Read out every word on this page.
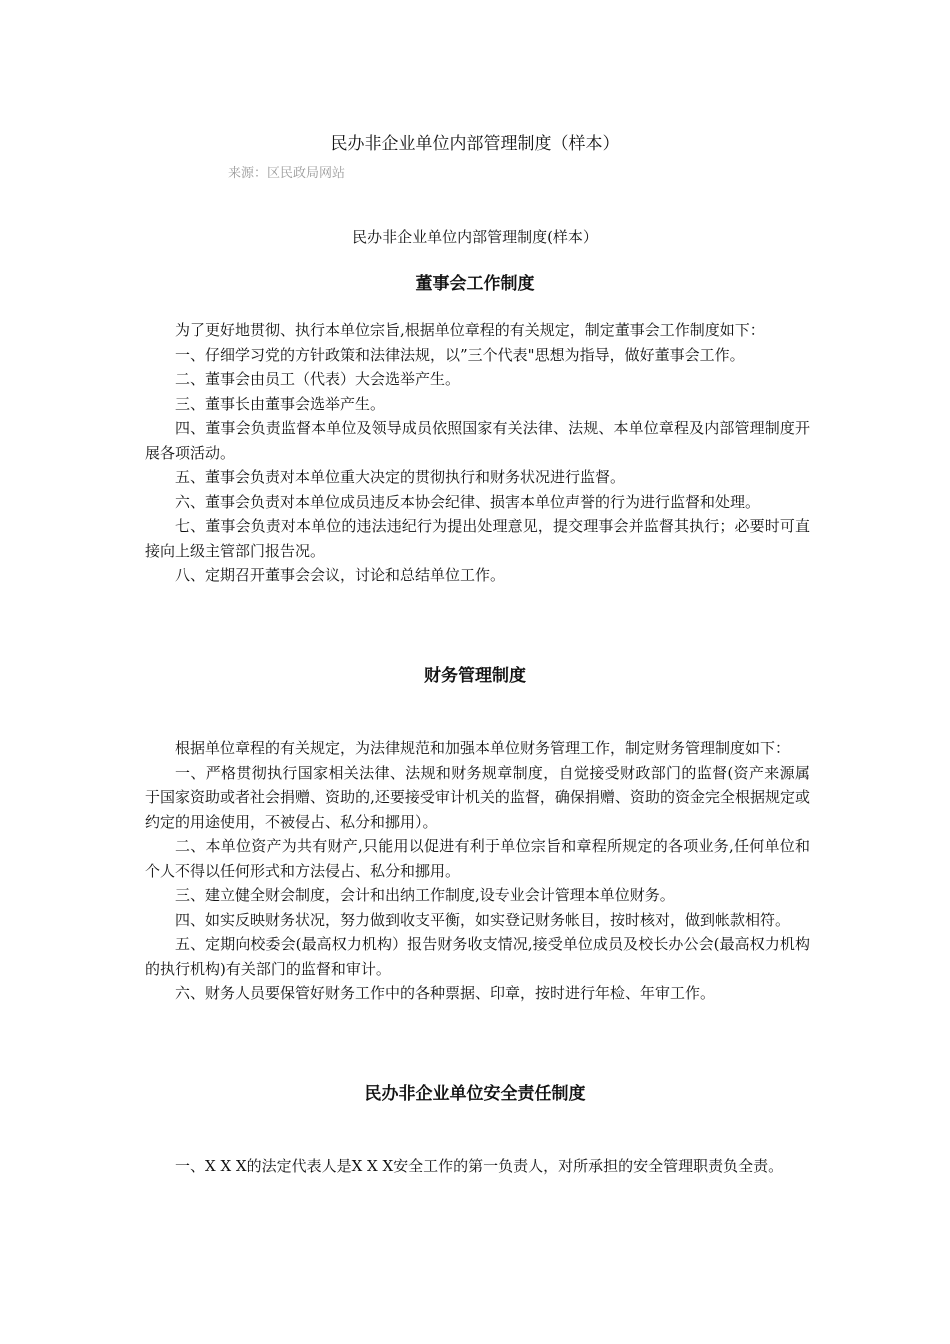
民办非企业单位内部管理制度（样本）
来源：区民政局网站
民办非企业单位内部管理制度(样本）
董事会工作制度

为了更好地贯彻、执行本单位宗旨,根据单位章程的有关规定，制定董事会工作制度如下：

一、仔细学习党的方针政策和法律法规，以”三个代表"思想为指导，做好董事会工作。

二、董事会由员工（代表）大会选举产生。

三、董事长由董事会选举产生。

四、董事会负责监督本单位及领导成员依照国家有关法律、法规、本单位章程及内部管理制度开展各项活动。

五、董事会负责对本单位重大决定的贯彻执行和财务状况进行监督。

六、董事会负责对本单位成员违反本协会纪律、损害本单位声誉的行为进行监督和处理。

七、董事会负责对本单位的违法违纪行为提出处理意见，提交理事会并监督其执行；必要时可直接向上级主管部门报告况。

八、定期召开董事会会议，讨论和总结单位工作。

财务管理制度

根据单位章程的有关规定，为法律规范和加强本单位财务管理工作，制定财务管理制度如下：

一、严格贯彻执行国家相关法律、法规和财务规章制度，自觉接受财政部门的监督(资产来源属于国家资助或者社会捐赠、资助的,还要接受审计机关的监督，确保捐赠、资助的资金完全根据规定或约定的用途使用，不被侵占、私分和挪用）。

二、本单位资产为共有财产,只能用以促进有利于单位宗旨和章程所规定的各项业务,任何单位和个人不得以任何形式和方法侵占、私分和挪用。

三、建立健全财会制度，会计和出纳工作制度,设专业会计管理本单位财务。

四、如实反映财务状况，努力做到收支平衡，如实登记财务帐目，按时核对，做到帐款相符。

五、定期向校委会(最高权力机构）报告财务收支情况,接受单位成员及校长办公会(最高权力机构的执行机构)有关部门的监督和审计。

六、财务人员要保管好财务工作中的各种票据、印章，按时进行年检、年审工作。

民办非企业单位安全责任制度

一、X X X的法定代表人是X X X安全工作的第一负责人，对所承担的安全管理职责负全责。
